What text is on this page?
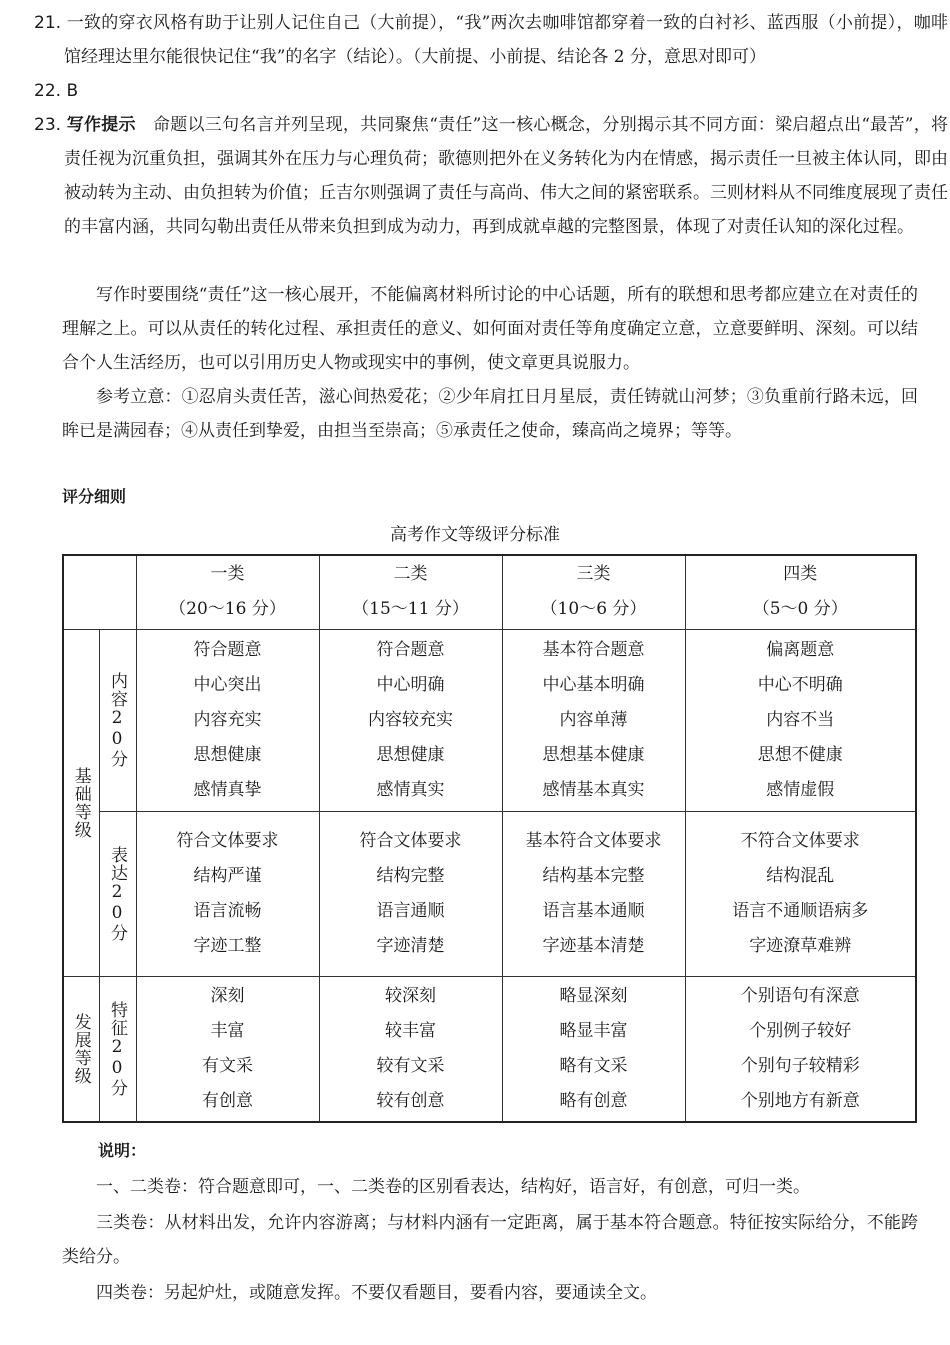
21. 一致的穿衣风格有助于让别人记住自己（大前提），“我”两次去咖啡馆都穿着一致的白衬衫、蓝西服（小前提），咖啡馆经理达里尔能很快记住“我”的名字（结论）。（大前提、小前提、结论各 2 分，意思对即可）
22. B
23. 写作提示　 命题以三句名言并列呈现，共同聚焦“责任”这一核心概念，分别揭示其不同方面：梁启超点出“最苦”，将责任视为沉重负担，强调其外在压力与心理负荷；歌德则把外在义务转化为内在情感，揭示责任一旦被主体认同，即由被动转为主动、由负担转为价值；丘吉尔则强调了责任与高尚、伟大之间的紧密联系。三则材料从不同维度展现了责任的丰富内涵，共同勾勒出责任从带来负担到成为动力，再到成就卓越的完整图景，体现了对责任认知的深化过程。
写作时要围绕“责任”这一核心展开，不能偏离材料所讨论的中心话题，所有的联想和思考都应建立在对责任的理解之上。可以从责任的转化过程、承担责任的意义、如何面对责任等角度确定立意，立意要鲜明、深刻。可以结合个人生活经历，也可以引用历史人物或现实中的事例，使文章更具说服力。
参考立意：①忍肩头责任苦，滋心间热爱花；②少年肩扛日月星辰，责任铸就山河梦；③负重前行路未远，回眸已是满园春；④从责任到挚爱，由担当至崇高；⑤承责任之使命，臻高尚之境界；等等。
评分细则
高考作文等级评分标准

		一类
（20～16 分）	二类
（15～11 分）	三类
（10～6 分）	四类
（5～0 分）

基础等级	内容20分	符合题意
中心突出
内容充实
思想健康
感情真挚	符合题意
中心明确
内容较充实
思想健康
感情真实	基本符合题意
中心基本明确
内容单薄
思想基本健康
感情基本真实	偏离题意
中心不明确
内容不当
思想不健康
感情虚假

	表达20分	符合文体要求
结构严谨
语言流畅
字迹工整	符合文体要求
结构完整
语言通顺
字迹清楚	基本符合文体要求
结构基本完整
语言基本通顺
字迹基本清楚	不符合文体要求
结构混乱
语言不通顺语病多
字迹潦草难辨

发展等级	特征20分	深刻
丰富
有文采
有创意	较深刻
较丰富
较有文采
较有创意	略显深刻
略显丰富
略有文采
略有创意	个别语句有深意
个别例子较好
个别句子较精彩
个别地方有新意
说明：
一、二类卷：符合题意即可，一、二类卷的区别看表达，结构好，语言好，有创意，可归一类。
三类卷：从材料出发，允许内容游离；与材料内涵有一定距离，属于基本符合题意。特征按实际给分，不能跨类给分。
四类卷：另起炉灶，或随意发挥。不要仅看题目，要看内容，要通读全文。
